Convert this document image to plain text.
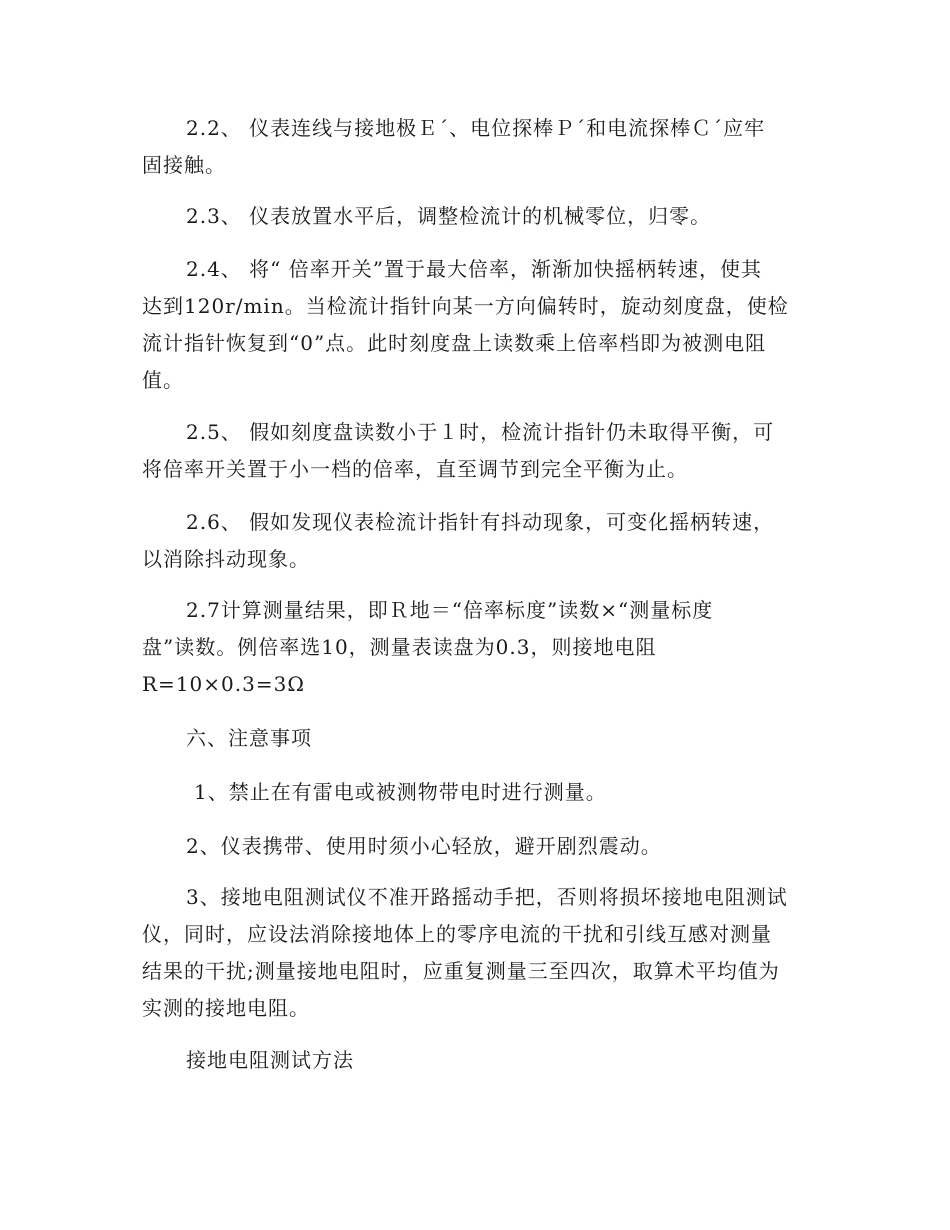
2.2、 仪表连线与接地极Ｅ´、电位探棒Ｐ´和电流探棒Ｃ´应牢
固接触。

2.3、 仪表放置水平后，调整检流计的机械零位，归零。

2.4、 将“ 倍率开关”置于最大倍率，渐渐加快摇柄转速，使其
达到120r/min。当检流计指针向某一方向偏转时，旋动刻度盘，使检
流计指针恢复到“0”点。此时刻度盘上读数乘上倍率档即为被测电阻
值。

2.5、 假如刻度盘读数小于１时，检流计指针仍未取得平衡，可
将倍率开关置于小一档的倍率，直至调节到完全平衡为止。

2.6、 假如发现仪表检流计指针有抖动现象，可变化摇柄转速，
以消除抖动现象。

2.7计算测量结果，即Ｒ地＝“倍率标度”读数×“测量标度
盘”读数。例倍率选10，测量表读盘为0.3，则接地电阻
R=10×0.3=3Ω

六、注意事项

1、禁止在有雷电或被测物带电时进行测量。

2、仪表携带、使用时须小心轻放，避开剧烈震动。

3、接地电阻测试仪不准开路摇动手把，否则将损坏接地电阻测试
仪，同时，应设法消除接地体上的零序电流的干扰和引线互感对测量
结果的干扰;测量接地电阻时，应重复测量三至四次，取算术平均值为
实测的接地电阻。

接地电阻测试方法
